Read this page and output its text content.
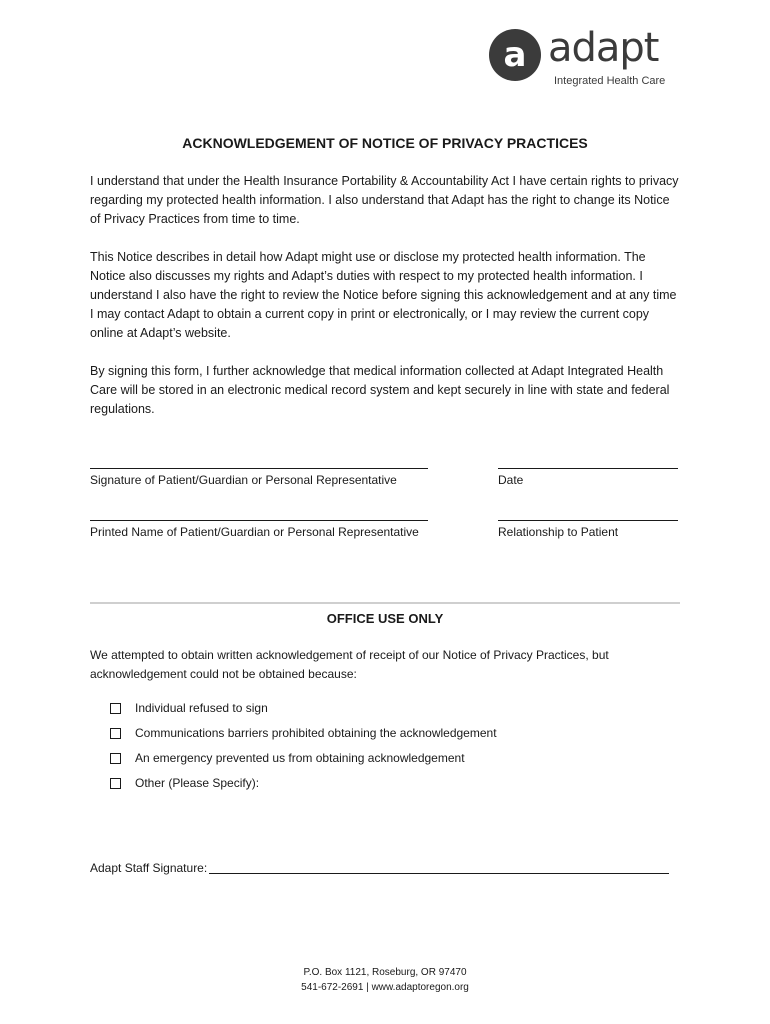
a adapt
Integrated Health Care
ACKNOWLEDGEMENT OF NOTICE OF PRIVACY PRACTICES

I understand that under the Health Insurance Portability & Accountability Act I have certain rights to privacy regarding my protected health information. I also understand that Adapt has the right to change its Notice of Privacy Practices from time to time.

This Notice describes in detail how Adapt might use or disclose my protected health information. The Notice also discusses my rights and Adapt’s duties with respect to my protected health information. I understand I also have the right to review the Notice before signing this acknowledgement and at any time I may contact Adapt to obtain a current copy in print or electronically, or I may review the current copy online at Adapt’s website.

By signing this form, I further acknowledge that medical information collected at Adapt Integrated Health Care will be stored in an electronic medical record system and kept securely in line with state and federal regulations.

Signature of Patient/Guardian or Personal Representative	Date
Printed Name of Patient/Guardian or Personal Representative	Relationship to Patient
OFFICE USE ONLY

We attempted to obtain written acknowledgement of receipt of our Notice of Privacy Practices, but acknowledgement could not be obtained because:

Individual refused to sign
Communications barriers prohibited obtaining the acknowledgement
An emergency prevented us from obtaining acknowledgement
Other (Please Specify):
Adapt Staff Signature:
P.O. Box 1121, Roseburg, OR 97470
541-672-2691 | www.adaptoregon.org
